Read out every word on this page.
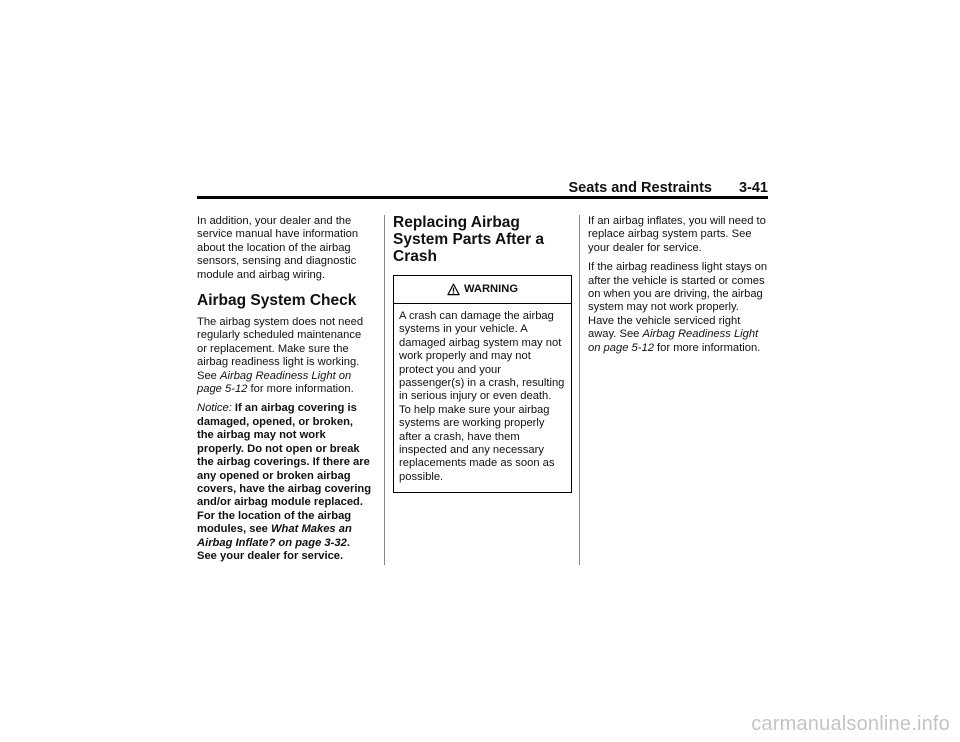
Seats and Restraints 3-41

In addition, your dealer and the service manual have information about the location of the airbag sensors, sensing and diagnostic module and airbag wiring.

Airbag System Check

The airbag system does not need regularly scheduled maintenance or replacement. Make sure the airbag readiness light is working. See Airbag Readiness Light on page 5-12 for more information.

Notice: If an airbag covering is damaged, opened, or broken, the airbag may not work properly. Do not open or break the airbag coverings. If there are any opened or broken airbag covers, have the airbag covering and/or airbag module replaced. For the location of the airbag modules, see What Makes an Airbag Inflate? on page 3-32. See your dealer for service.

Replacing Airbag System Parts After a Crash
WARNING
A crash can damage the airbag systems in your vehicle. A damaged airbag system may not work properly and may not protect you and your passenger(s) in a crash, resulting in serious injury or even death. To help make sure your airbag systems are working properly after a crash, have them inspected and any necessary replacements made as soon as possible.

If an airbag inflates, you will need to replace airbag system parts. See your dealer for service.

If the airbag readiness light stays on after the vehicle is started or comes on when you are driving, the airbag system may not work properly. Have the vehicle serviced right away. See Airbag Readiness Light on page 5-12 for more information.

carmanualsonline.info
